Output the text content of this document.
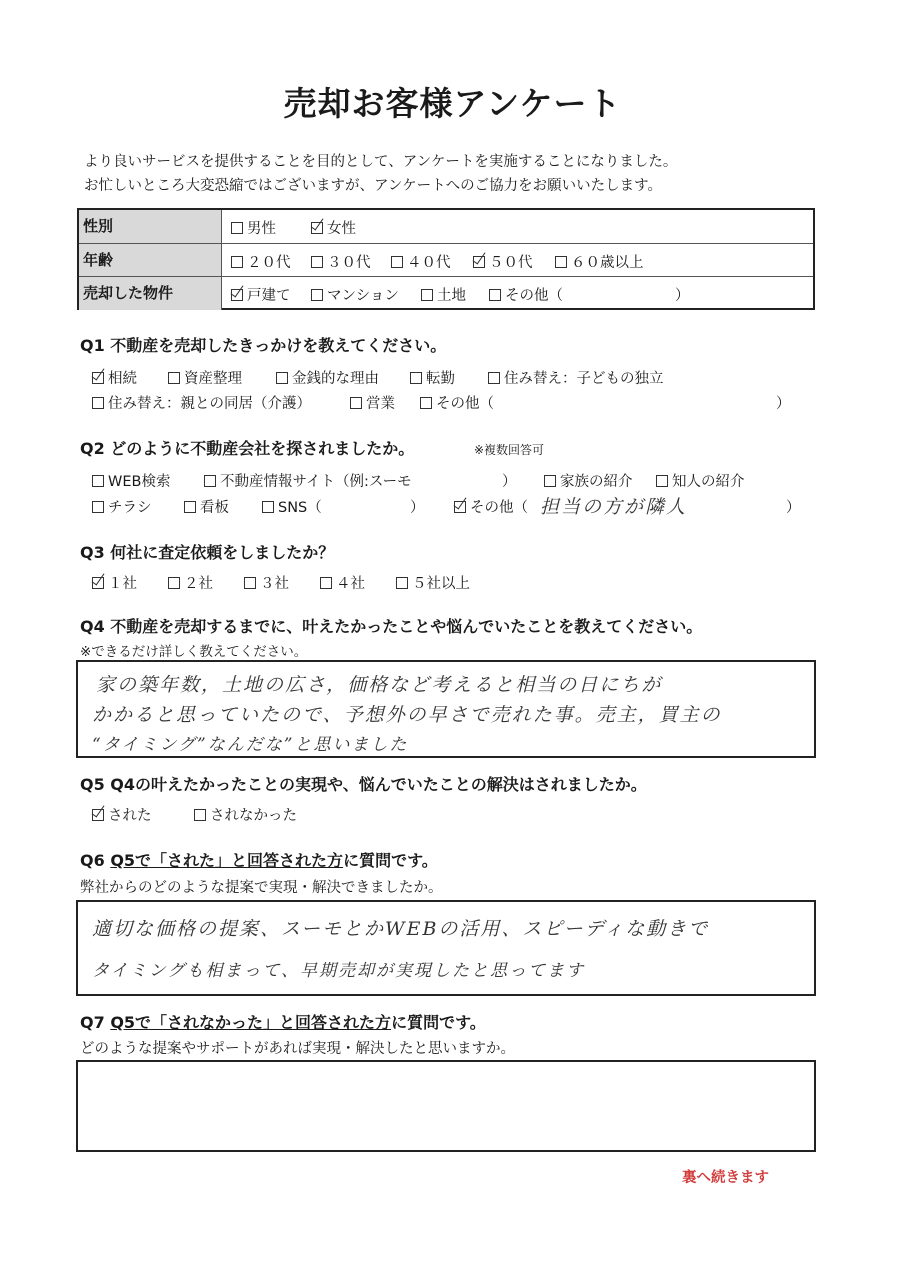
売却お客様アンケート
より良いサービスを提供することを目的として、アンケートを実施することになりました。
お忙しいところ大変恐縮ではございますが、アンケートへのご協力をお願いいたします。
性別	男性	女性
年齢	２０代	３０代	４０代	５０代	６０歳以上
売却した物件	戸建て	マンション	土地	その他（	）
Q1 不動産を売却したきっかけを教えてください。
相続	資産整理	金銭的な理由	転勤	住み替え：子どもの独立
住み替え：親との同居（介護）	営業	その他（	）
Q2 どのように不動産会社を探されましたか。	※複数回答可
WEB検索	不動産情報サイト（例:スーモ	）	家族の紹介	知人の紹介
チラシ	看板	SNS（	）	その他（ 担当の方が隣人	）
Q3 何社に査定依頼をしましたか？
１社	２社	３社	４社	５社以上
Q4 不動産を売却するまでに、叶えたかったことや悩んでいたことを教えてください。
※できるだけ詳しく教えてください。
家の築年数，土地の広さ，価格など考えると相当の日にちが
かかると思っていたので、予想外の早さで売れた事。売主，買主の
“タイミング”なんだな”と思いました
Q5 Q4の叶えたかったことの実現や、悩んでいたことの解決はされましたか。
された	されなかった
Q6 Q5で「された」と回答された方に質問です。
弊社からのどのような提案で実現・解決できましたか。
適切な価格の提案、スーモとかWEBの活用、スピーディな動きで
タイミングも相まって、早期売却が実現したと思ってます
Q7 Q5で「されなかった」と回答された方に質問です。
どのような提案やサポートがあれば実現・解決したと思いますか。
裏へ続きます
